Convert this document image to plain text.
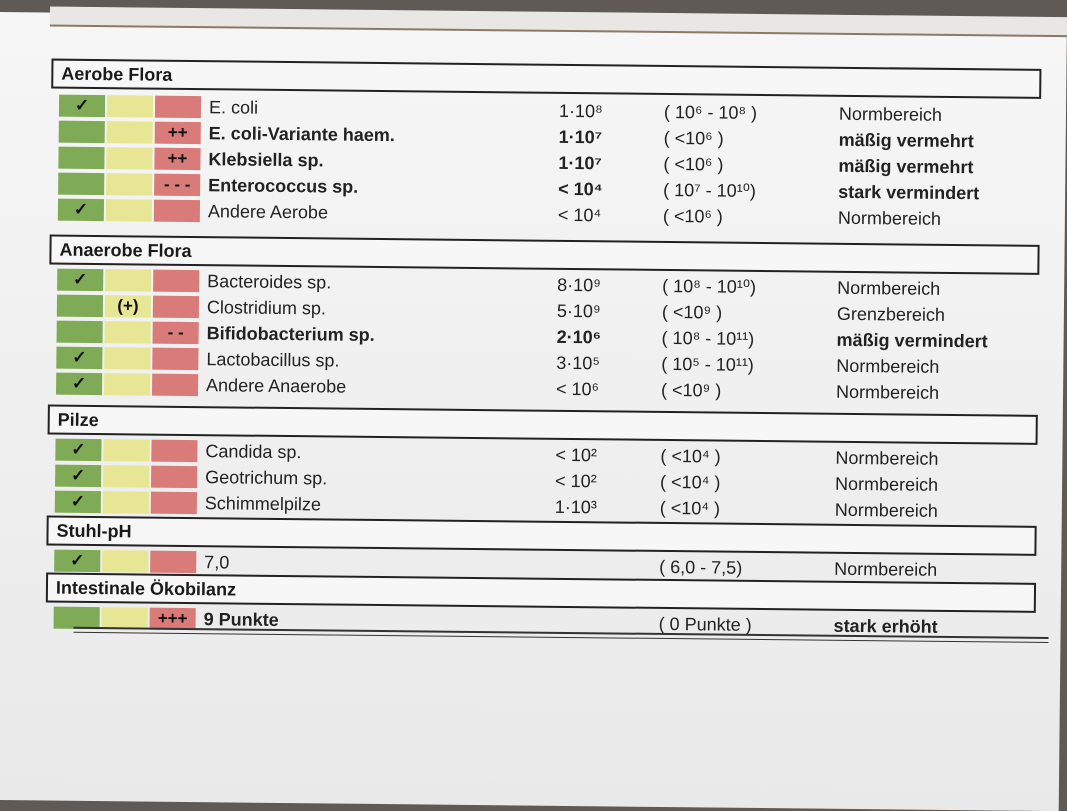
Aerobe Flora
Anaerobe Flora
Pilze
Stuhl-pH
Intestinale Ökobilanz
✓	E. coli	1·10⁸	( 10⁶ - 10⁸ )	Normbereich
++	E. coli-Variante haem.	1·10⁷	( <10⁶ )	mäßig vermehrt
++	Klebsiella sp.	1·10⁷	( <10⁶ )	mäßig vermehrt
- - - Enterococcus sp.	< 10⁴	( 10⁷ - 10¹⁰)	stark vermindert
✓	Andere Aerobe	< 10⁴	( <10⁶ )	Normbereich
✓	Bacteroides sp.	8·10⁹	( 10⁸ - 10¹⁰)	Normbereich
(+)	Clostridium sp.	5·10⁹	( <10⁹ )	Grenzbereich
- -	Bifidobacterium sp.	2·10⁶	( 10⁸ - 10¹¹)	mäßig vermindert
✓	Lactobacillus sp.	3·10⁵	( 10⁵ - 10¹¹)	Normbereich
✓	Andere Anaerobe	< 10⁶	( <10⁹ )	Normbereich
✓	Candida sp.	< 10²	( <10⁴ )	Normbereich
✓	Geotrichum sp.	< 10²	( <10⁴ )	Normbereich
✓	Schimmelpilze	1·10³	( <10⁴ )	Normbereich
✓	7,0	( 6,0 - 7,5)	Normbereich
+++ 9 Punkte	( 0 Punkte )	stark erhöht
